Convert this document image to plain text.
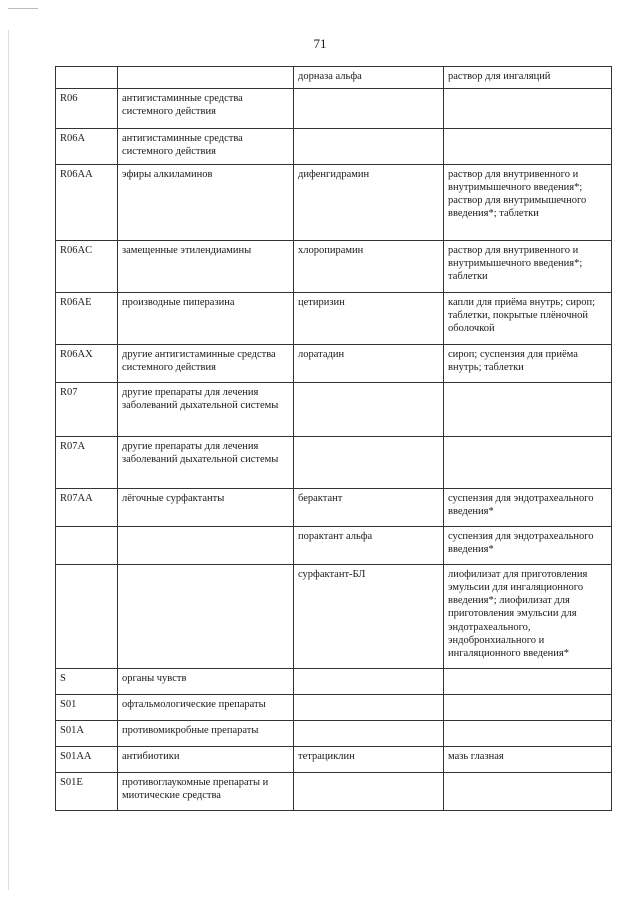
71
		дорназа альфа	раствор для ингаляций
R06	антигистаминные средства системного действия		
R06A	антигистаминные средства системного действия		
R06AA	эфиры алкиламинов	дифенгидрамин	раствор для внутривенного и внутримышечного введения*; раствор для внутримышечного введения*; таблетки
R06AC	замещенные этилендиамины	хлоропирамин	раствор для внутривенного и внутримышечного введения*; таблетки
R06AE	производные пиперазина	цетиризин	капли для приёма внутрь; сироп; таблетки, покрытые плёночной оболочкой
R06AX	другие антигистаминные средства системного действия	лоратадин	сироп; суспензия для приёма внутрь; таблетки
R07	другие препараты для лечения заболеваний дыхательной системы		
R07A	другие препараты для лечения заболеваний дыхательной системы		
R07AA	лёгочные сурфактанты	берактант	суспензия для эндотрахеального введения*
		порактант альфа	суспензия для эндотрахеального введения*
		сурфактант-БЛ	лиофилизат для приготовления эмульсии для ингаляционного введения*; лиофилизат для приготовления эмульсии для эндотрахеального, эндобронхиального и ингаляционного введения*
S	органы чувств		
S01	офтальмологические препараты		
S01A	противомикробные препараты		
S01AA	антибиотики	тетрациклин	мазь глазная
S01E	противоглаукомные препараты и миотические средства		
